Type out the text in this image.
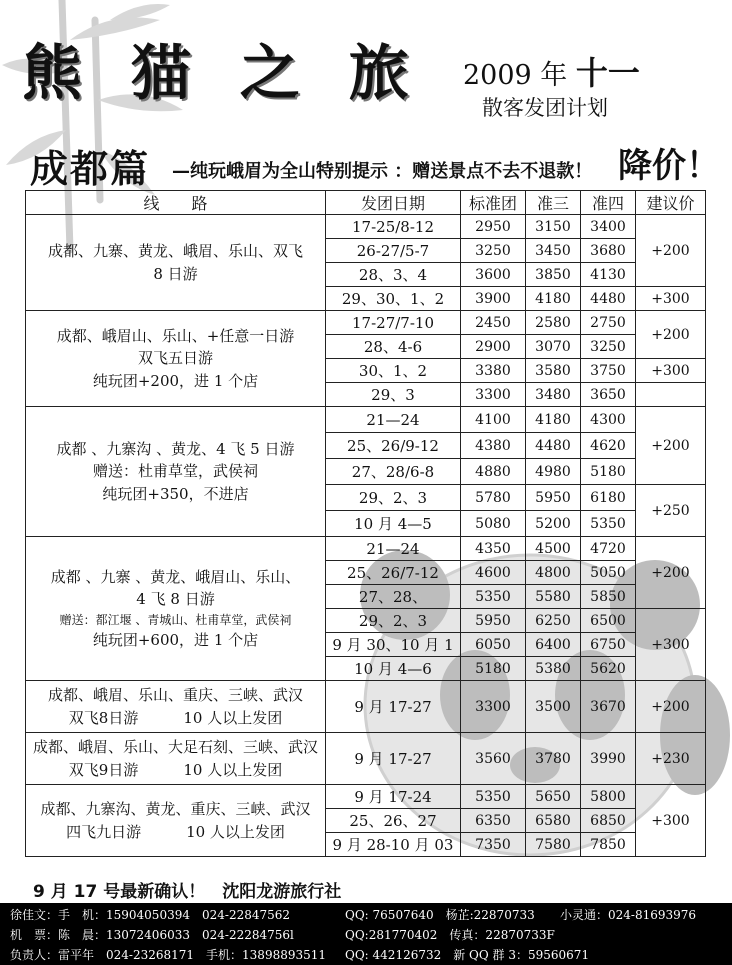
熊 猫 之 旅 2009 年 十一
散客发团计划
成都篇 —纯玩峨眉为全山特别提示 ：赠送景点不去不退款！ 降价！
线　　路	发团日期	标准团	准三	准四	建议价

成都、九寨、黄龙、峨眉、乐山、双飞
8 日游	17-25/8-12	2950	3150	3400	+200
	26-27/5-7	3250	3450	3680	
	28、3、4	3600	3850	4130	
	29、30、1、2	3900	4180	4480	+300

成都、峨眉山、乐山、+任意一日游
双飞五日游
纯玩团+200，进 1 个店	17-27/7-10	2450	2580	2750	+200
	28、4-6	2900	3070	3250	
	30、1、2	3380	3580	3750	+300
	29、3	3300	3480	3650	

成都 、九寨沟 、黄龙、4 飞 5 日游
赠送：杜甫草堂，武侯祠
纯玩团+350，不进店	21—24	4100	4180	4300	+200
	25、26/9-12	4380	4480	4620	
	27、28/6-8	4880	4980	5180	
	29、2、3	5780	5950	6180	+250
	10 月 4—5	5080	5200	5350	

成都 、九寨 、黄龙、峨眉山、乐山、
4 飞 8 日游
赠送：都江堰 、青城山、杜甫草堂，武侯祠
纯玩团+600，进 1 个店	21—24	4350	4500	4720	+200
	25、26/7-12	4600	4800	5050	
	27、28、	5350	5580	5850	
	29、2、3	5950	6250	6500	+300
	9 月 30、10 月 1	6050	6400	6750	
	10 月 4—6	5180	5380	5620	

成都、峨眉、乐山、重庆、三峡、武汉
双飞8日游　　　10 人以上发团	9 月 17-27	3300	3500	3670	+200

成都、峨眉、乐山、大足石刻、三峡、武汉
双飞9日游　　　10 人以上发团	9 月 17-27	3560	3780	3990	+230

成都、九寨沟、黄龙、重庆、三峡、武汉
四飞九日游　　　10 人以上发团	9 月 17-24	5350	5650	5800	+300
	25、26、27	6350	6580	6850	
	9 月 28-10 月 03	7350	7580	7850	
9 月 17 号最新确认！　沈阳龙游旅行社
徐佳文：手　机：15904050394　024-22847562	QQ: 76507640　杨芷:22870733 小灵通：024-81693976
机　票：陈　晨：13072406033　024-22284756l	QQ:281770402　传真：22870733F
负责人：雷平年　024-23268171　手机：13898893511 QQ: 442126732　新 QQ 群 3：59560671
